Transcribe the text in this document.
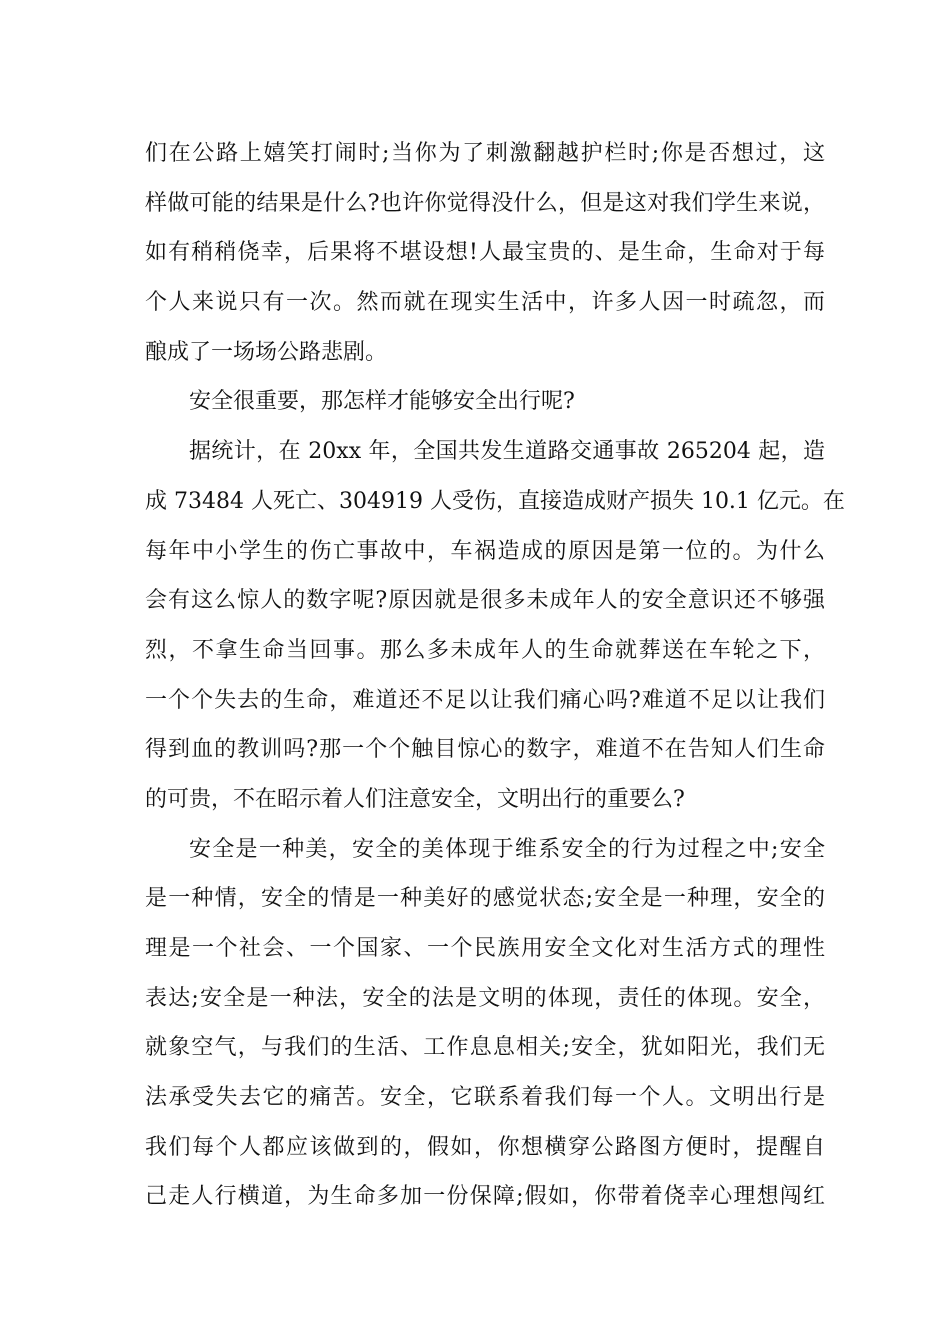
们在公路上嬉笑打闹时;当你为了刺激翻越护栏时;你是否想过，这
样做可能的结果是什么?也许你觉得没什么，但是这对我们学生来说，
如有稍稍侥幸，后果将不堪设想!人最宝贵的、是生命，生命对于每
个人来说只有一次。然而就在现实生活中，许多人因一时疏忽，而
酿成了一场场公路悲剧。
安全很重要，那怎样才能够安全出行呢?
据统计，在 20xx 年，全国共发生道路交通事故 265204 起，造
成 73484 人死亡、304919 人受伤，直接造成财产损失 10.1 亿元。在
每年中小学生的伤亡事故中，车祸造成的原因是第一位的。为什么
会有这么惊人的数字呢?原因就是很多未成年人的安全意识还不够强
烈，不拿生命当回事。那么多未成年人的生命就葬送在车轮之下，
一个个失去的生命，难道还不足以让我们痛心吗?难道不足以让我们
得到血的教训吗?那一个个触目惊心的数字，难道不在告知人们生命
的可贵，不在昭示着人们注意安全，文明出行的重要么?
安全是一种美，安全的美体现于维系安全的行为过程之中;安全
是一种情，安全的情是一种美好的感觉状态;安全是一种理，安全的
理是一个社会、一个国家、一个民族用安全文化对生活方式的理性
表达;安全是一种法，安全的法是文明的体现，责任的体现。安全，
就象空气，与我们的生活、工作息息相关;安全，犹如阳光，我们无
法承受失去它的痛苦。安全，它联系着我们每一个人。文明出行是
我们每个人都应该做到的，假如，你想横穿公路图方便时，提醒自
己走人行横道，为生命多加一份保障;假如，你带着侥幸心理想闯红
